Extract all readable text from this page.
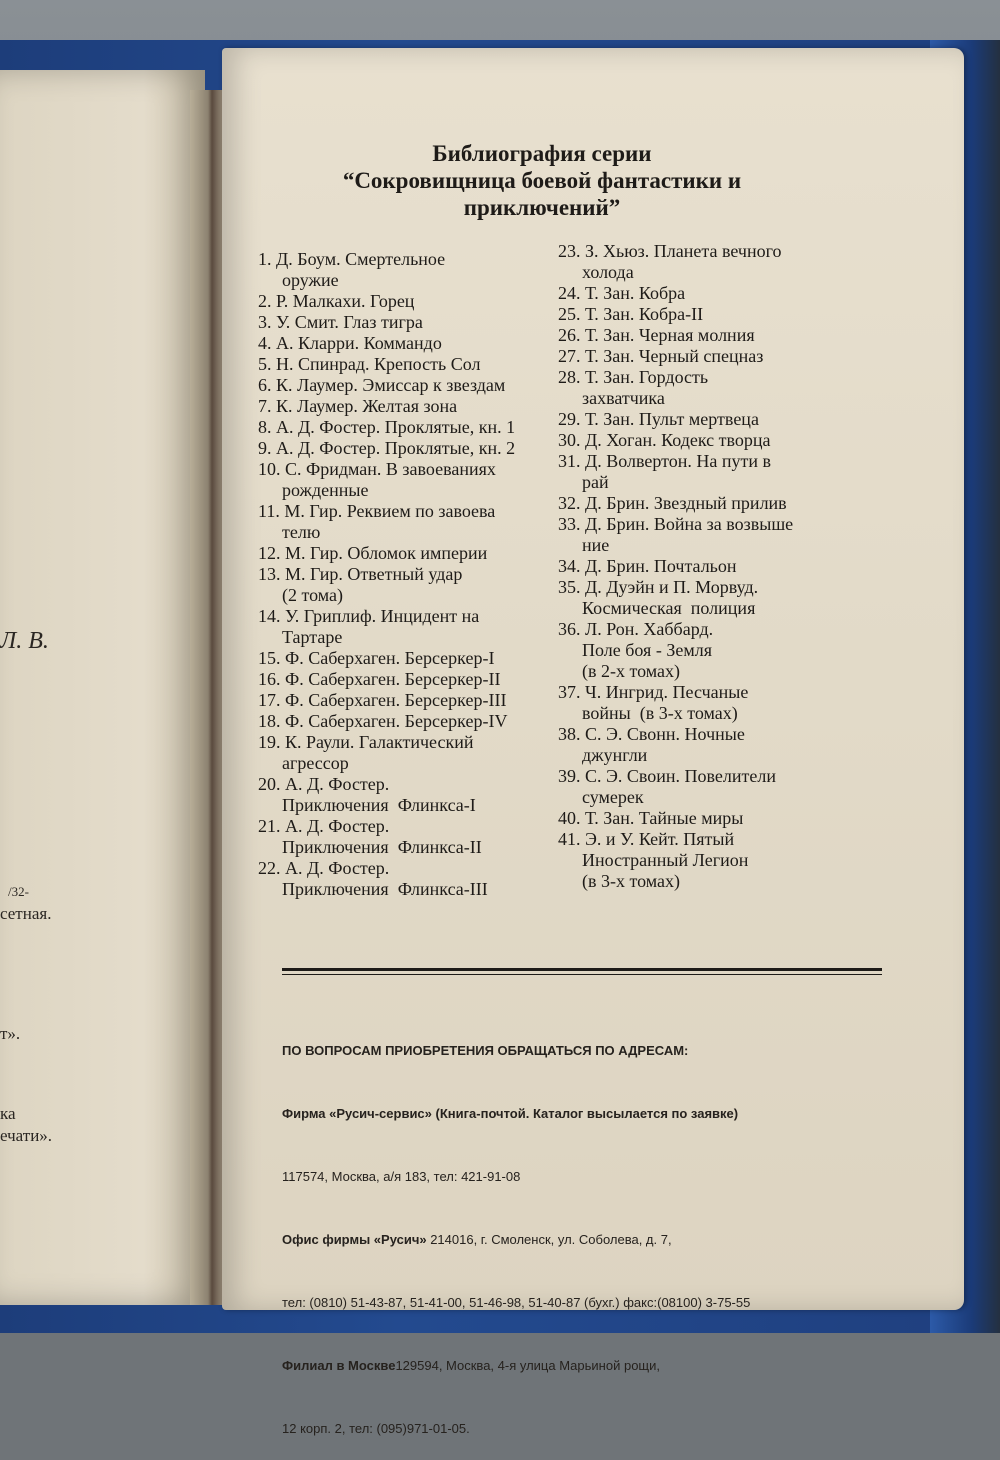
Л. В.
/32-
сетная.
т».
ка
ечати».
Библиография серии
“Сокровищница боевой фантастики и
приключений”
1. Д. Боум. Смертельное
оружие
2. Р. Малкахи. Горец
3. У. Смит. Глаз тигра
4. А. Кларри. Коммандо
5. Н. Спинрад. Крепость Сол
6. К. Лаумер. Эмиссар к звездам
7. К. Лаумер. Желтая зона
8. А. Д. Фостер. Проклятые, кн. 1
9. А. Д. Фостер. Проклятые, кн. 2
10. С. Фридман. В завоеваниях
рожденные
11. М. Гир. Реквием по завоева
телю
12. М. Гир. Обломок империи
13. М. Гир. Ответный удар
(2 тома)
14. У. Гриплиф. Инцидент на
Тартаре
15. Ф. Саберхаген. Берсеркер-I
16. Ф. Саберхаген. Берсеркер-II
17. Ф. Саберхаген. Берсеркер-III
18. Ф. Саберхаген. Берсеркер-IV
19. К. Раули. Галактический
агрессор
20. А. Д. Фостер.
Приключения  Флинкса-I
21. А. Д. Фостер.
Приключения  Флинкса-II
22. А. Д. Фостер.
Приключения  Флинкса-III
23. З. Хьюз. Планета вечного
холода
24. Т. Зан. Кобра
25. Т. Зан. Кобра-II
26. Т. Зан. Черная молния
27. Т. Зан. Черный спецназ
28. Т. Зан. Гордость
захватчика
29. Т. Зан. Пульт мертвеца
30. Д. Хоган. Кодекс творца
31. Д. Волвертон. На пути в
рай
32. Д. Брин. Звездный прилив
33. Д. Брин. Война за возвыше
ние
34. Д. Брин. Почтальон
35. Д. Дуэйн и П. Морвуд.
Космическая  полиция
36. Л. Рон. Хаббард.
Поле боя - Земля
(в 2-х томах)
37. Ч. Ингрид. Песчаные
войны  (в 3-х томах)
38. С. Э. Свонн. Ночные
джунгли
39. С. Э. Своин. Повелители
сумерек
40. Т. Зан. Тайные миры
41. Э. и У. Кейт. Пятый
Иностранный Легион
(в 3-х томах)

ПО ВОПРОСАМ ПРИОБРЕТЕНИЯ ОБРАЩАТЬСЯ ПО АДРЕСАМ:

Фирма «Русич-сервис» (Книга-почтой. Каталог высылается по заявке)

117574, Москва, а/я 183, тел: 421-91-08

Офис фирмы «Русич» 214016, г. Смоленск, ул. Соболева, д. 7,

тел: (0810) 51-43-87, 51-41-00, 51-46-98, 51-40-87 (бухг.) факс:(08100) 3-75-55

Филиал в Москве129594, Москва, 4-я улица Марьиной рощи,

12 корп. 2, тел: (095)971-01-05.
